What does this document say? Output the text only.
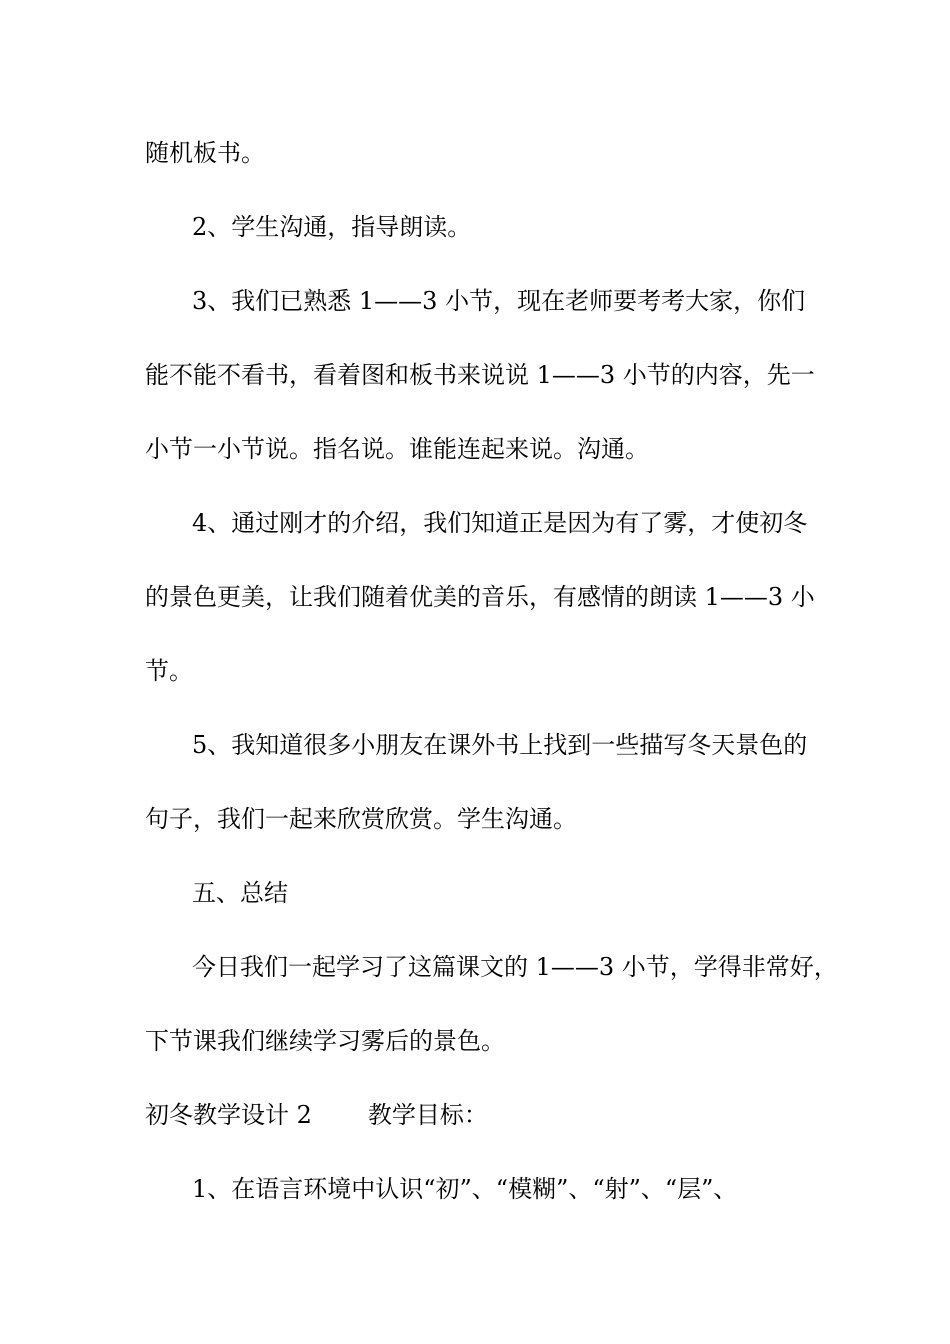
随机板书。

2、学生沟通，指导朗读。

3、我们已熟悉 1——3 小节，现在老师要考考大家，你们

能不能不看书，看着图和板书来说说 1——3 小节的内容，先一

小节一小节说。指名说。谁能连起来说。沟通。

4、通过刚才的介绍，我们知道正是因为有了雾，才使初冬

的景色更美，让我们随着优美的音乐，有感情的朗读 1——3 小

节。

5、我知道很多小朋友在课外书上找到一些描写冬天景色的

句子，我们一起来欣赏欣赏。学生沟通。

五、总结

今日我们一起学习了这篇课文的 1——3 小节，学得非常好，

下节课我们继续学习雾后的景色。

初冬教学设计 2 教学目标：

1、在语言环境中认识“初”、“模糊”、“射”、“层”、
